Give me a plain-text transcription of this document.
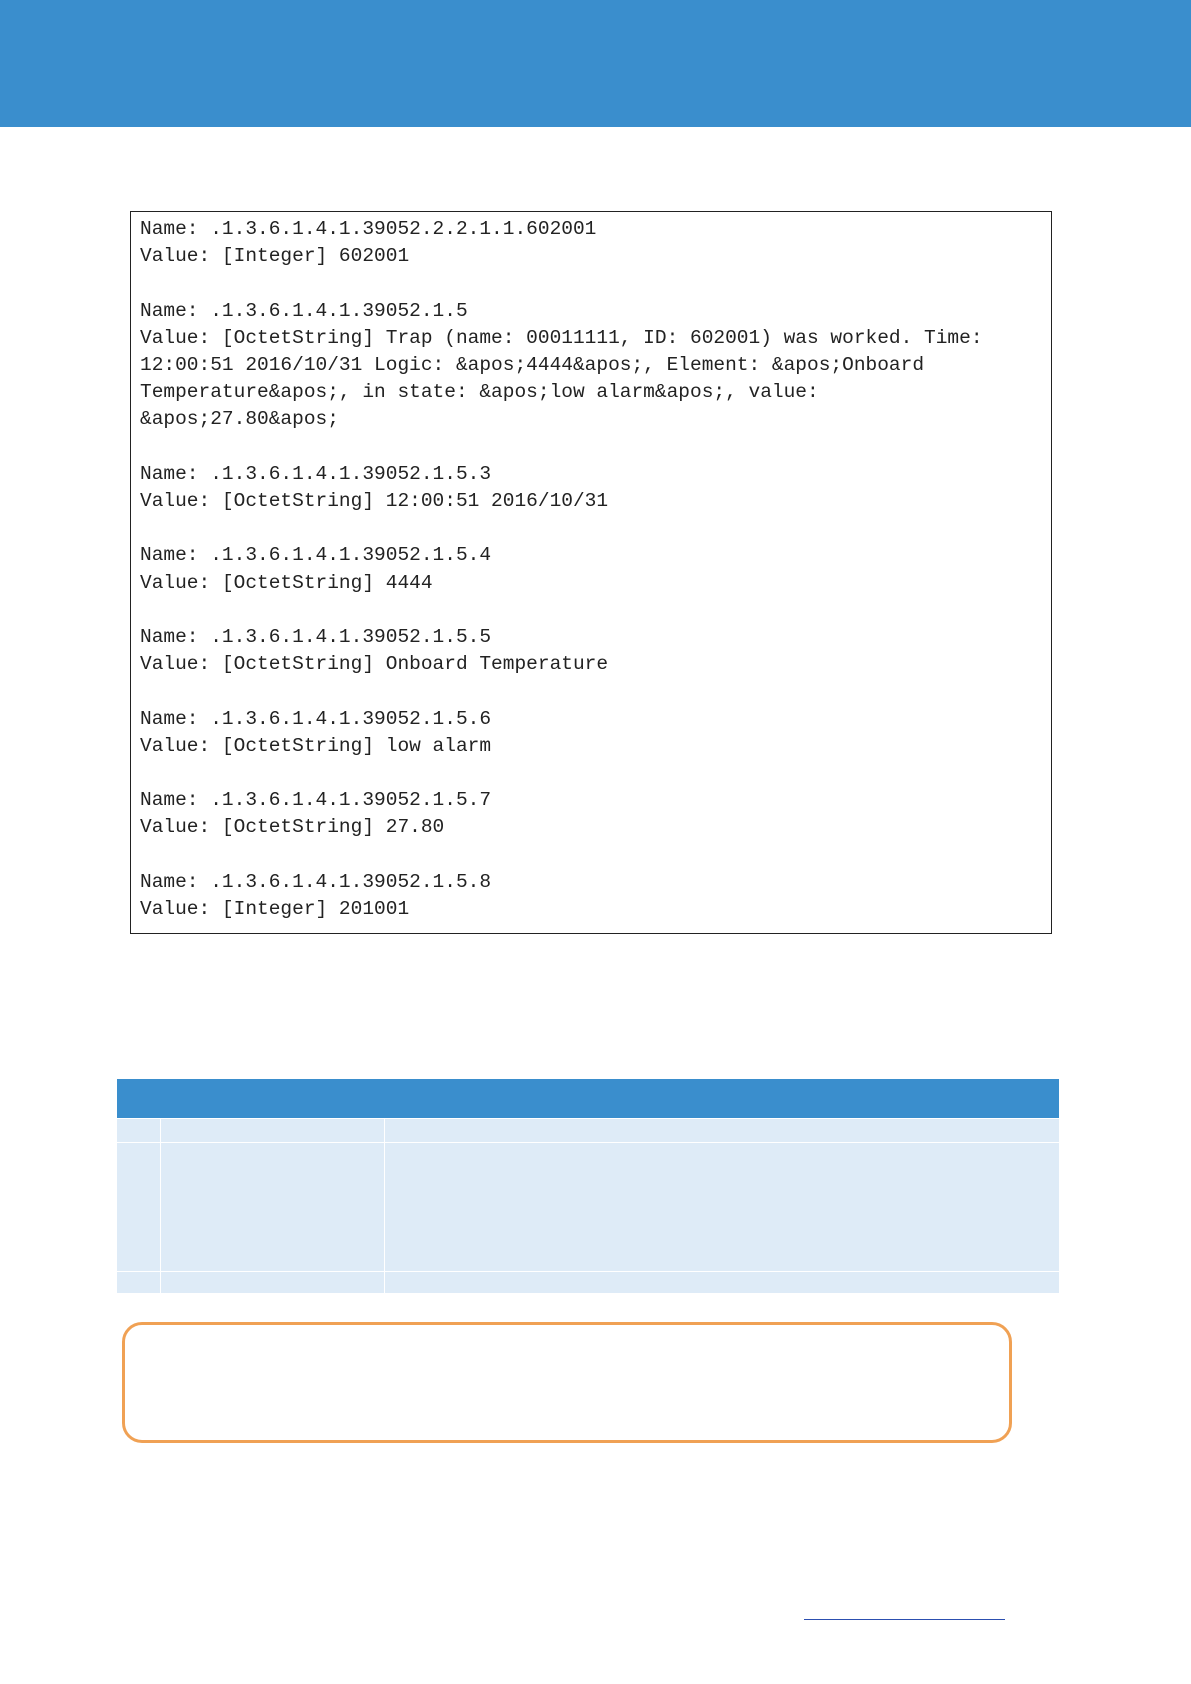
Name: .1.3.6.1.4.1.39052.2.2.1.1.602001
Value: [Integer] 602001

Name: .1.3.6.1.4.1.39052.1.5
Value: [OctetString] Trap (name: 00011111, ID: 602001) was worked. Time:
12:00:51 2016/10/31 Logic: &apos;4444&apos;, Element: &apos;Onboard
Temperature&apos;, in state: &apos;low alarm&apos;, value:
&apos;27.80&apos;

Name: .1.3.6.1.4.1.39052.1.5.3
Value: [OctetString] 12:00:51 2016/10/31

Name: .1.3.6.1.4.1.39052.1.5.4
Value: [OctetString] 4444

Name: .1.3.6.1.4.1.39052.1.5.5
Value: [OctetString] Onboard Temperature

Name: .1.3.6.1.4.1.39052.1.5.6
Value: [OctetString] low alarm

Name: .1.3.6.1.4.1.39052.1.5.7
Value: [OctetString] 27.80

Name: .1.3.6.1.4.1.39052.1.5.8
Value: [Integer] 201001
